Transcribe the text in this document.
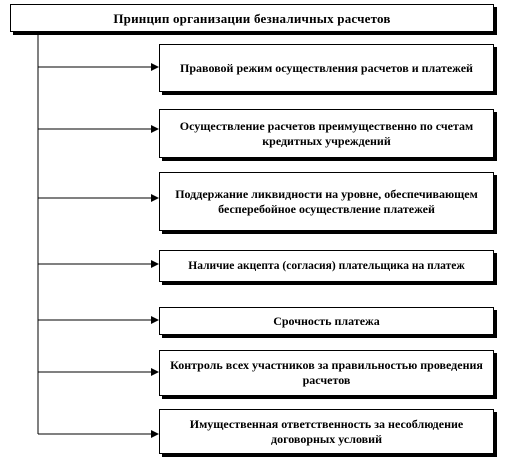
Принцип организации безналичных расчетов
Правовой режим осуществления расчетов и платежей
Осуществление расчетов преимущественно по счетам кредитных учреждений
Поддержание ликвидности на уровне, обеспечивающем бесперебойное осуществление платежей
Наличие акцепта (согласия) плательщика на платеж
Срочность платежа
Контроль всех участников за правильностью проведения расчетов
Имущественная ответственность за несоблюдение договорных условий
